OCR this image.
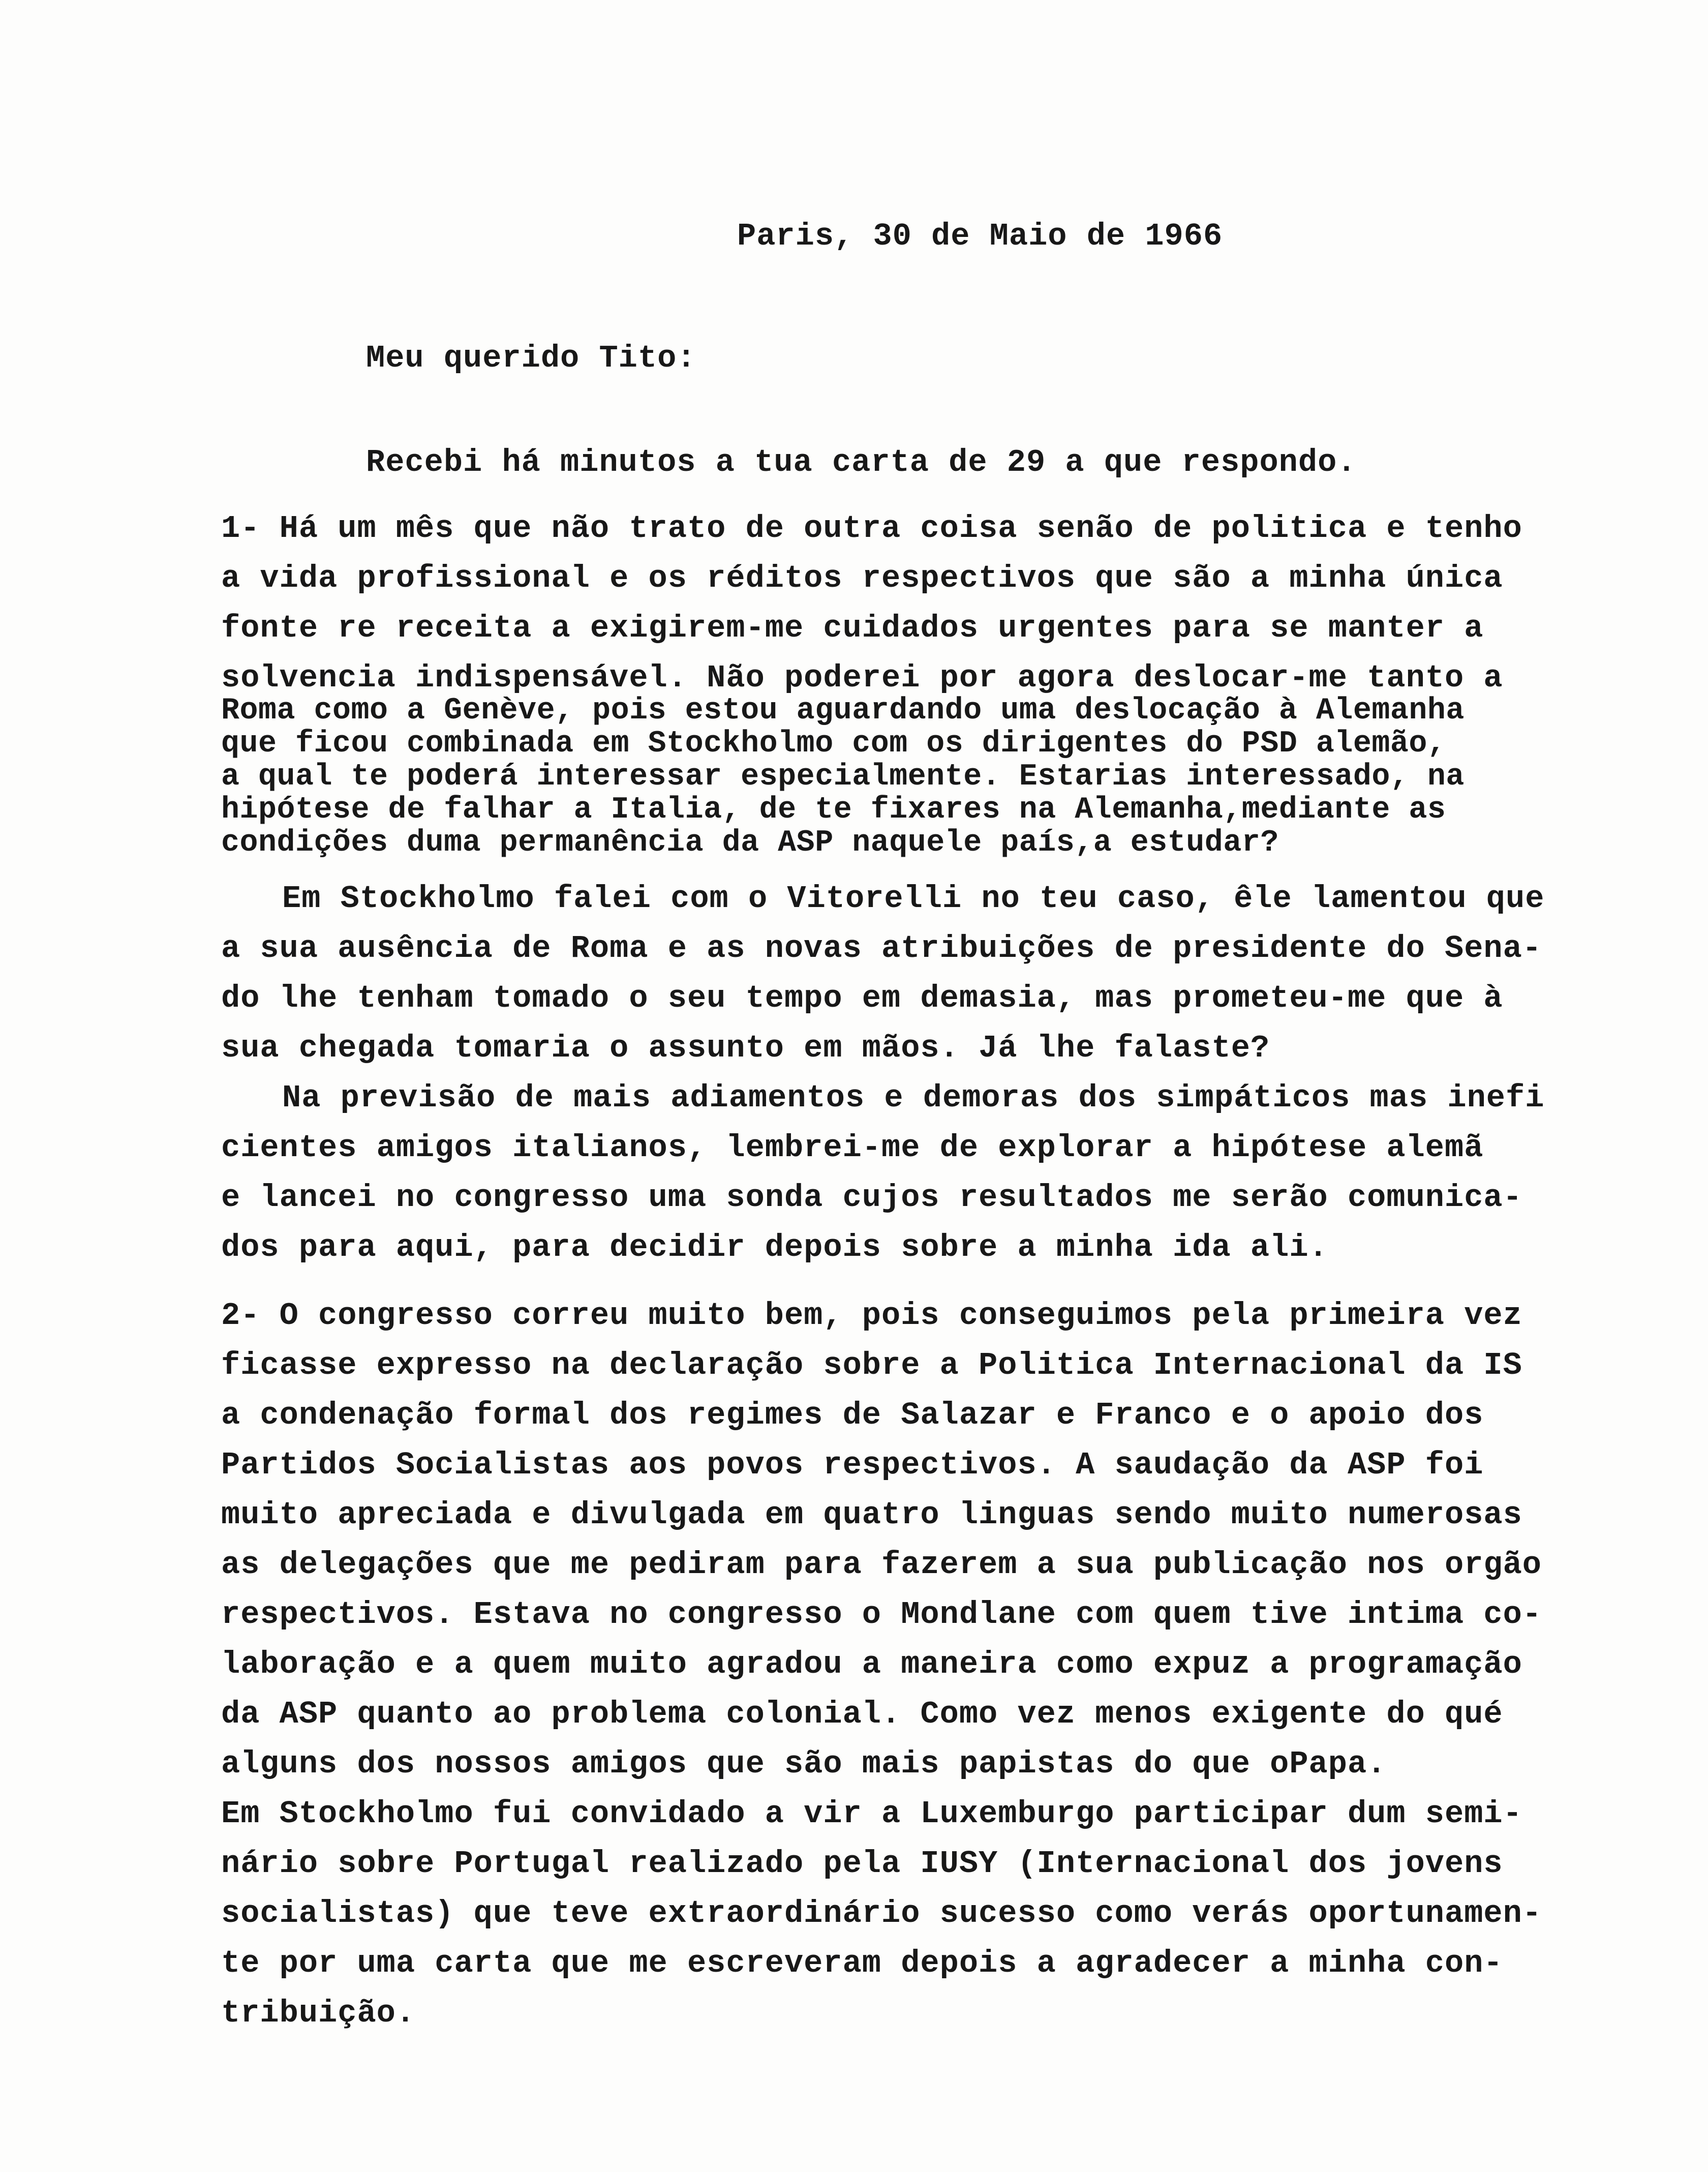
Paris, 30 de Maio de 1966
Meu querido Tito:
Recebi há minutos a tua carta de 29 a que respondo.
1- Há um mês que não trato de outra coisa senão de politica e tenho
a vida profissional e os réditos respectivos que são a minha única
fonte re receita a exigirem-me cuidados urgentes para se manter a
solvencia indispensável. Não poderei por agora deslocar-me tanto a
Roma como a Genève, pois estou aguardando uma deslocação à Alemanha
que ficou combinada em Stockholmo com os dirigentes do PSD alemão,
a qual te poderá interessar especialmente. Estarias interessado, na
hipótese de falhar a Italia, de te fixares na Alemanha,mediante as
condições duma permanência da ASP naquele país,a estudar?
Em Stockholmo falei com o Vitorelli no teu caso, êle lamentou que
a sua ausência de Roma e as novas atribuições de presidente do Sena-
do lhe tenham tomado o seu tempo em demasia, mas prometeu-me que à
sua chegada tomaria o assunto em mãos. Já lhe falaste?
Na previsão de mais adiamentos e demoras dos simpáticos mas inefi
cientes amigos italianos, lembrei-me de explorar a hipótese alemã
e lancei no congresso uma sonda cujos resultados me serão comunica-
dos para aqui, para decidir depois sobre a minha ida ali.
2- O congresso correu muito bem, pois conseguimos pela primeira vez
ficasse expresso na declaração sobre a Politica Internacional da IS
a condenação formal dos regimes de Salazar e Franco e o apoio dos
Partidos Socialistas aos povos respectivos. A saudação da ASP foi
muito apreciada e divulgada em quatro linguas sendo muito numerosas
as delegações que me pediram para fazerem a sua publicação nos orgão
respectivos. Estava no congresso o Mondlane com quem tive intima co-
laboração e a quem muito agradou a maneira como expuz a programação
da ASP quanto ao problema colonial. Como vez menos exigente do qué
alguns dos nossos amigos que são mais papistas do que oPapa.
Em Stockholmo fui convidado a vir a Luxemburgo participar dum semi-
nário sobre Portugal realizado pela IUSY (Internacional dos jovens
socialistas) que teve extraordinário sucesso como verás oportunamen-
te por uma carta que me escreveram depois a agradecer a minha con-
tribuição.
